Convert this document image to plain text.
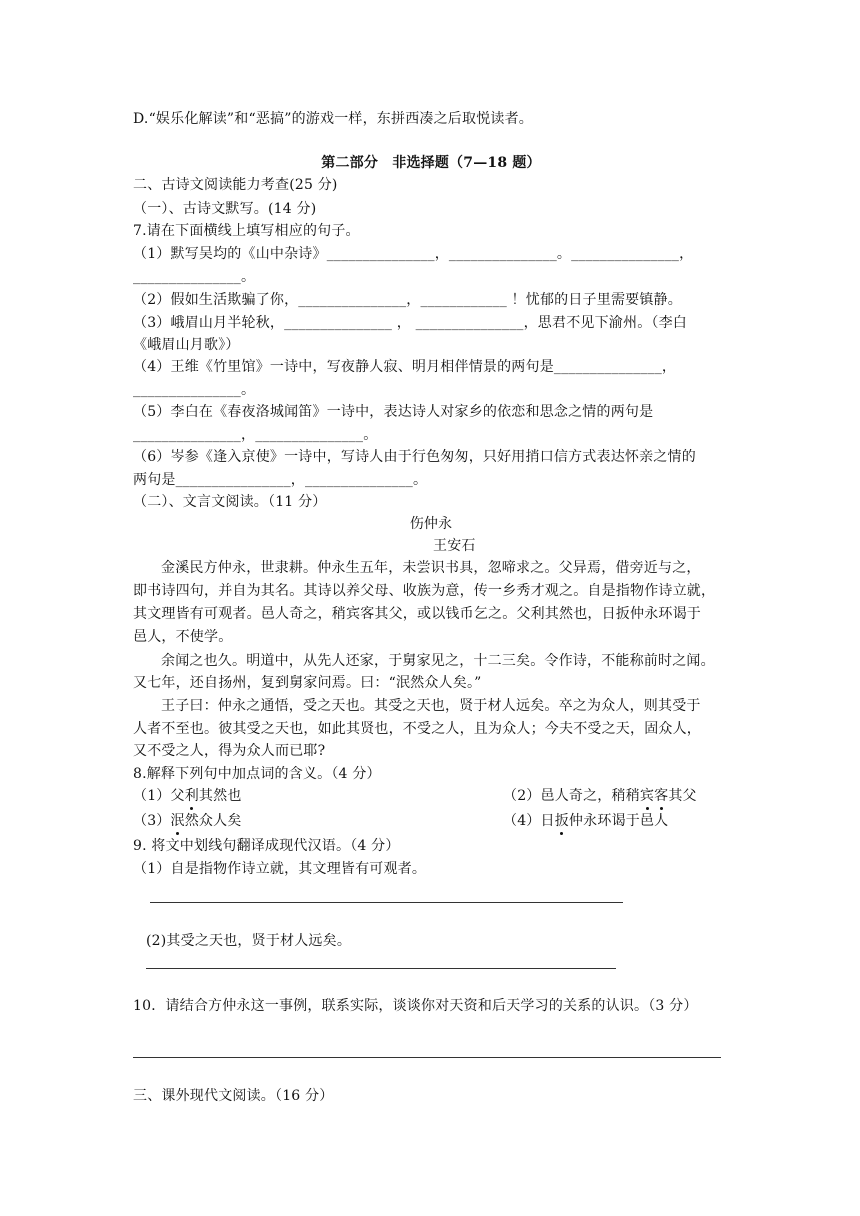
D.“娱乐化解读”和“恶搞”的游戏一样，东拼西凑之后取悦读者。
第二部分　非选择题（7—18 题）
二、古诗文阅读能力考查(25 分)
（一）、古诗文默写。(14 分)
7.请在下面横线上填写相应的句子。
（1）默写吴均的《山中杂诗》_______________，_______________。_______________，
_______________。
（2）假如生活欺骗了你，_______________，____________ ！忧郁的日子里需要镇静。
（3）峨眉山月半轮秋，_______________ ， _______________，思君不见下渝州。（李白
《峨眉山月歌》）
（4）王维《竹里馆》一诗中，写夜静人寂、明月相伴情景的两句是_______________，
_______________。
（5）李白在《春夜洛城闻笛》一诗中，表达诗人对家乡的依恋和思念之情的两句是
_______________，_______________。
（6）岑参《逢入京使》一诗中，写诗人由于行色匆匆，只好用捎口信方式表达怀亲之情的
两句是________________，_______________。
（二）、文言文阅读。（11 分）
伤仲永
王安石
金溪民方仲永，世隶耕。仲永生五年，未尝识书具，忽啼求之。父异焉，借旁近与之，
即书诗四句，并自为其名。其诗以养父母、收族为意，传一乡秀才观之。自是指物作诗立就，
其文理皆有可观者。邑人奇之，稍宾客其父，或以钱币乞之。父利其然也，日扳仲永环谒于
邑人，不使学。
余闻之也久。明道中，从先人还家，于舅家见之，十二三矣。令作诗，不能称前时之闻。
又七年，还自扬州，复到舅家问焉。曰：“泯然众人矣。”
王子曰：仲永之通悟，受之天也。其受之天也，贤于材人远矣。卒之为众人，则其受于
人者不至也。彼其受之天也，如此其贤也，不受之人，且为众人；今夫不受之天，固众人，
又不受之人，得为众人而已耶?
8.解释下列句中加点词的含义。（4 分）
（1）父利其然也	（2）邑人奇之，稍稍宾客其父
（3）泯然众人矣	（4）日扳仲永环谒于邑人
9. 将文中划线句翻译成现代汉语。（4 分）
（1）自是指物作诗立就，其文理皆有可观者。
(2)其受之天也，贤于材人远矣。
10．请结合方仲永这一事例，联系实际，谈谈你对天资和后天学习的关系的认识。（3 分）
三、课外现代文阅读。（16 分）
